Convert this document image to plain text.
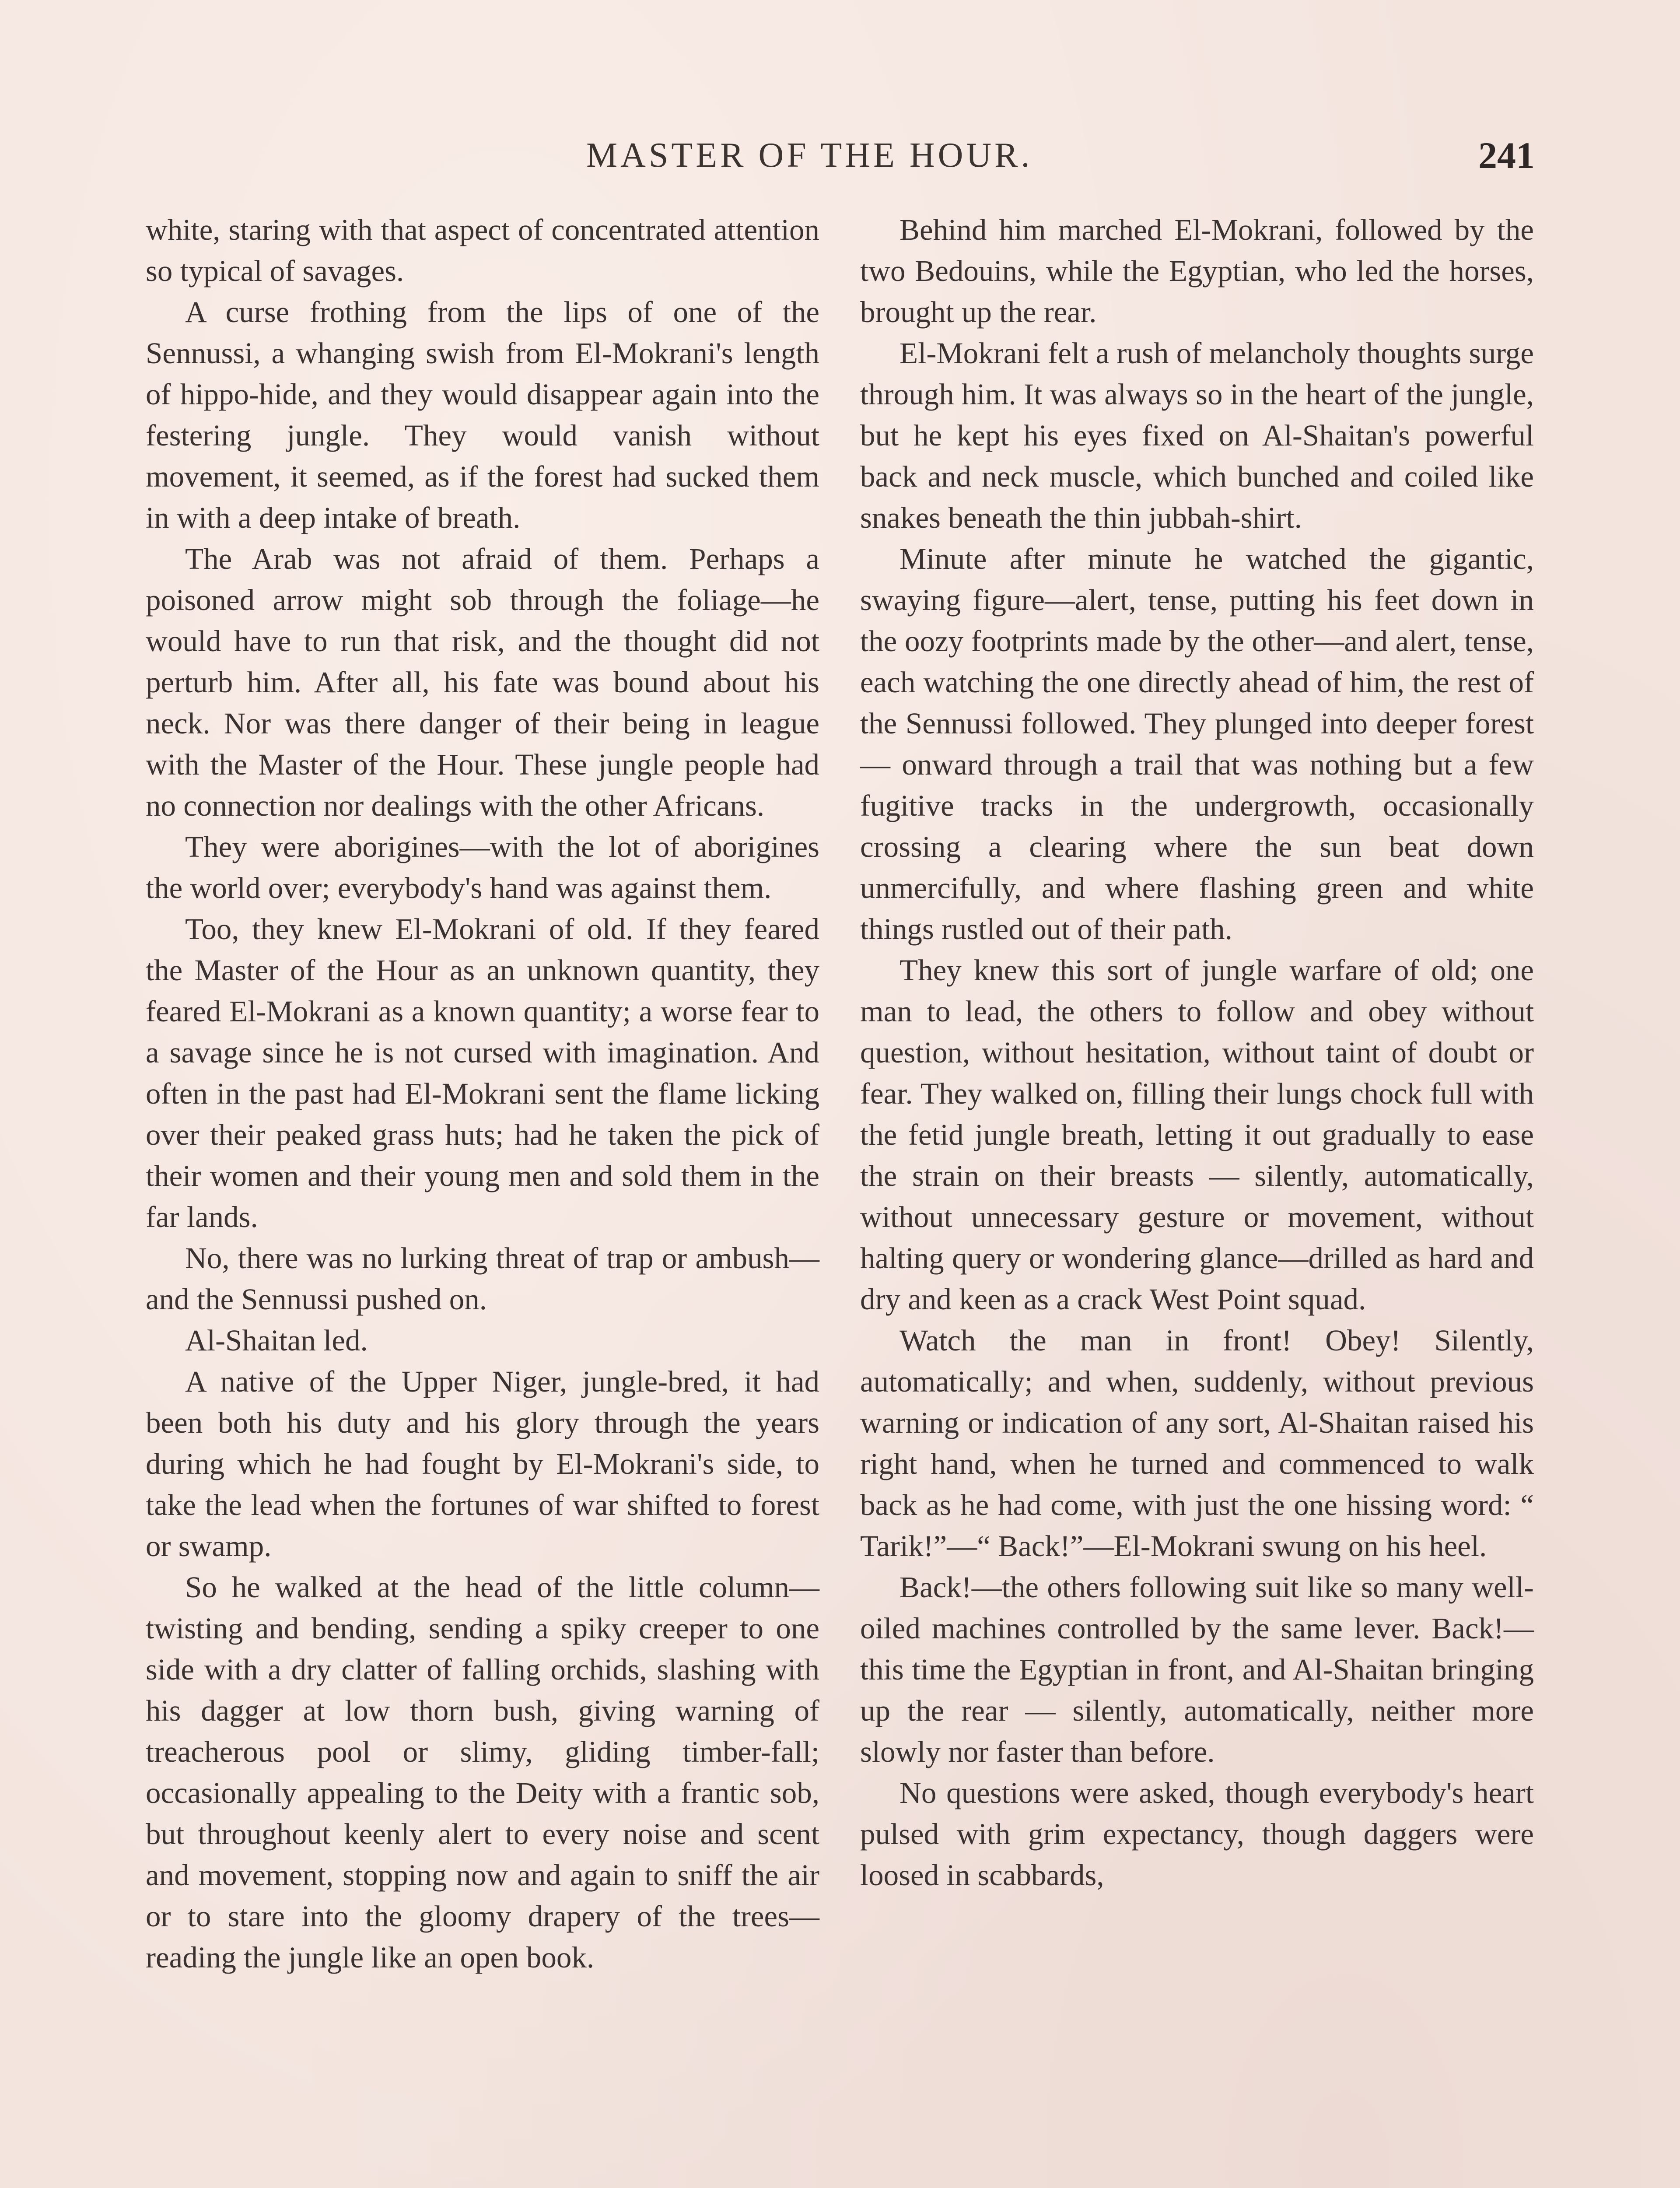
MASTER OF THE HOUR.	241

white, staring with that aspect of concentrated attention so typical of savages.

A curse frothing from the lips of one of the Sennussi, a whanging swish from El-Mokrani's length of hippo-hide, and they would disappear again into the festering jungle. They would vanish without movement, it seemed, as if the forest had sucked them in with a deep intake of breath.

The Arab was not afraid of them. Perhaps a poisoned arrow might sob through the foliage—he would have to run that risk, and the thought did not perturb him. After all, his fate was bound about his neck. Nor was there danger of their being in league with the Master of the Hour. These jungle people had no connection nor dealings with the other Africans.

They were aborigines—with the lot of aborigines the world over; everybody's hand was against them.

Too, they knew El-Mokrani of old. If they feared the Master of the Hour as an unknown quantity, they feared El-Mokrani as a known quantity; a worse fear to a savage since he is not cursed with imagination. And often in the past had El-Mokrani sent the flame licking over their peaked grass huts; had he taken the pick of their women and their young men and sold them in the far lands.

No, there was no lurking threat of trap or ambush—and the Sennussi pushed on.

Al-Shaitan led.

A native of the Upper Niger, jungle-bred, it had been both his duty and his glory through the years during which he had fought by El-Mokrani's side, to take the lead when the fortunes of war shifted to forest or swamp.

So he walked at the head of the little column—twisting and bending, sending a spiky creeper to one side with a dry clatter of falling orchids, slashing with his dagger at low thorn bush, giving warning of treacherous pool or slimy, gliding timber-fall; occasionally appealing to the Deity with a frantic sob, but throughout keenly alert to every noise and scent and movement, stopping now and again to sniff the air or to stare into the gloomy drapery of the trees—reading the jungle like an open book.

Behind him marched El-Mokrani, followed by the two Bedouins, while the Egyptian, who led the horses, brought up the rear.

El-Mokrani felt a rush of melancholy thoughts surge through him. It was always so in the heart of the jungle, but he kept his eyes fixed on Al-Shaitan's powerful back and neck muscle, which bunched and coiled like snakes beneath the thin jubbah-shirt.

Minute after minute he watched the gigantic, swaying figure—alert, tense, putting his feet down in the oozy footprints made by the other—and alert, tense, each watching the one directly ahead of him, the rest of the Sennussi followed. They plunged into deeper forest — onward through a trail that was nothing but a few fugitive tracks in the undergrowth, occasionally crossing a clearing where the sun beat down unmercifully, and where flashing green and white things rustled out of their path.

They knew this sort of jungle warfare of old; one man to lead, the others to follow and obey without question, without hesitation, without taint of doubt or fear. They walked on, filling their lungs chock full with the fetid jungle breath, letting it out gradually to ease the strain on their breasts — silently, automatically, without unnecessary gesture or movement, without halting query or wondering glance—drilled as hard and dry and keen as a crack West Point squad.

Watch the man in front! Obey! Silently, automatically; and when, suddenly, without previous warning or indication of any sort, Al-Shaitan raised his right hand, when he turned and commenced to walk back as he had come, with just the one hissing word: “ Tarik!”—“ Back!”—El-Mokrani swung on his heel.

Back!—the others following suit like so many well-oiled machines controlled by the same lever. Back!—this time the Egyptian in front, and Al-Shaitan bringing up the rear — silently, automatically, neither more slowly nor faster than before.

No questions were asked, though everybody's heart pulsed with grim expectancy, though daggers were loosed in scabbards,
